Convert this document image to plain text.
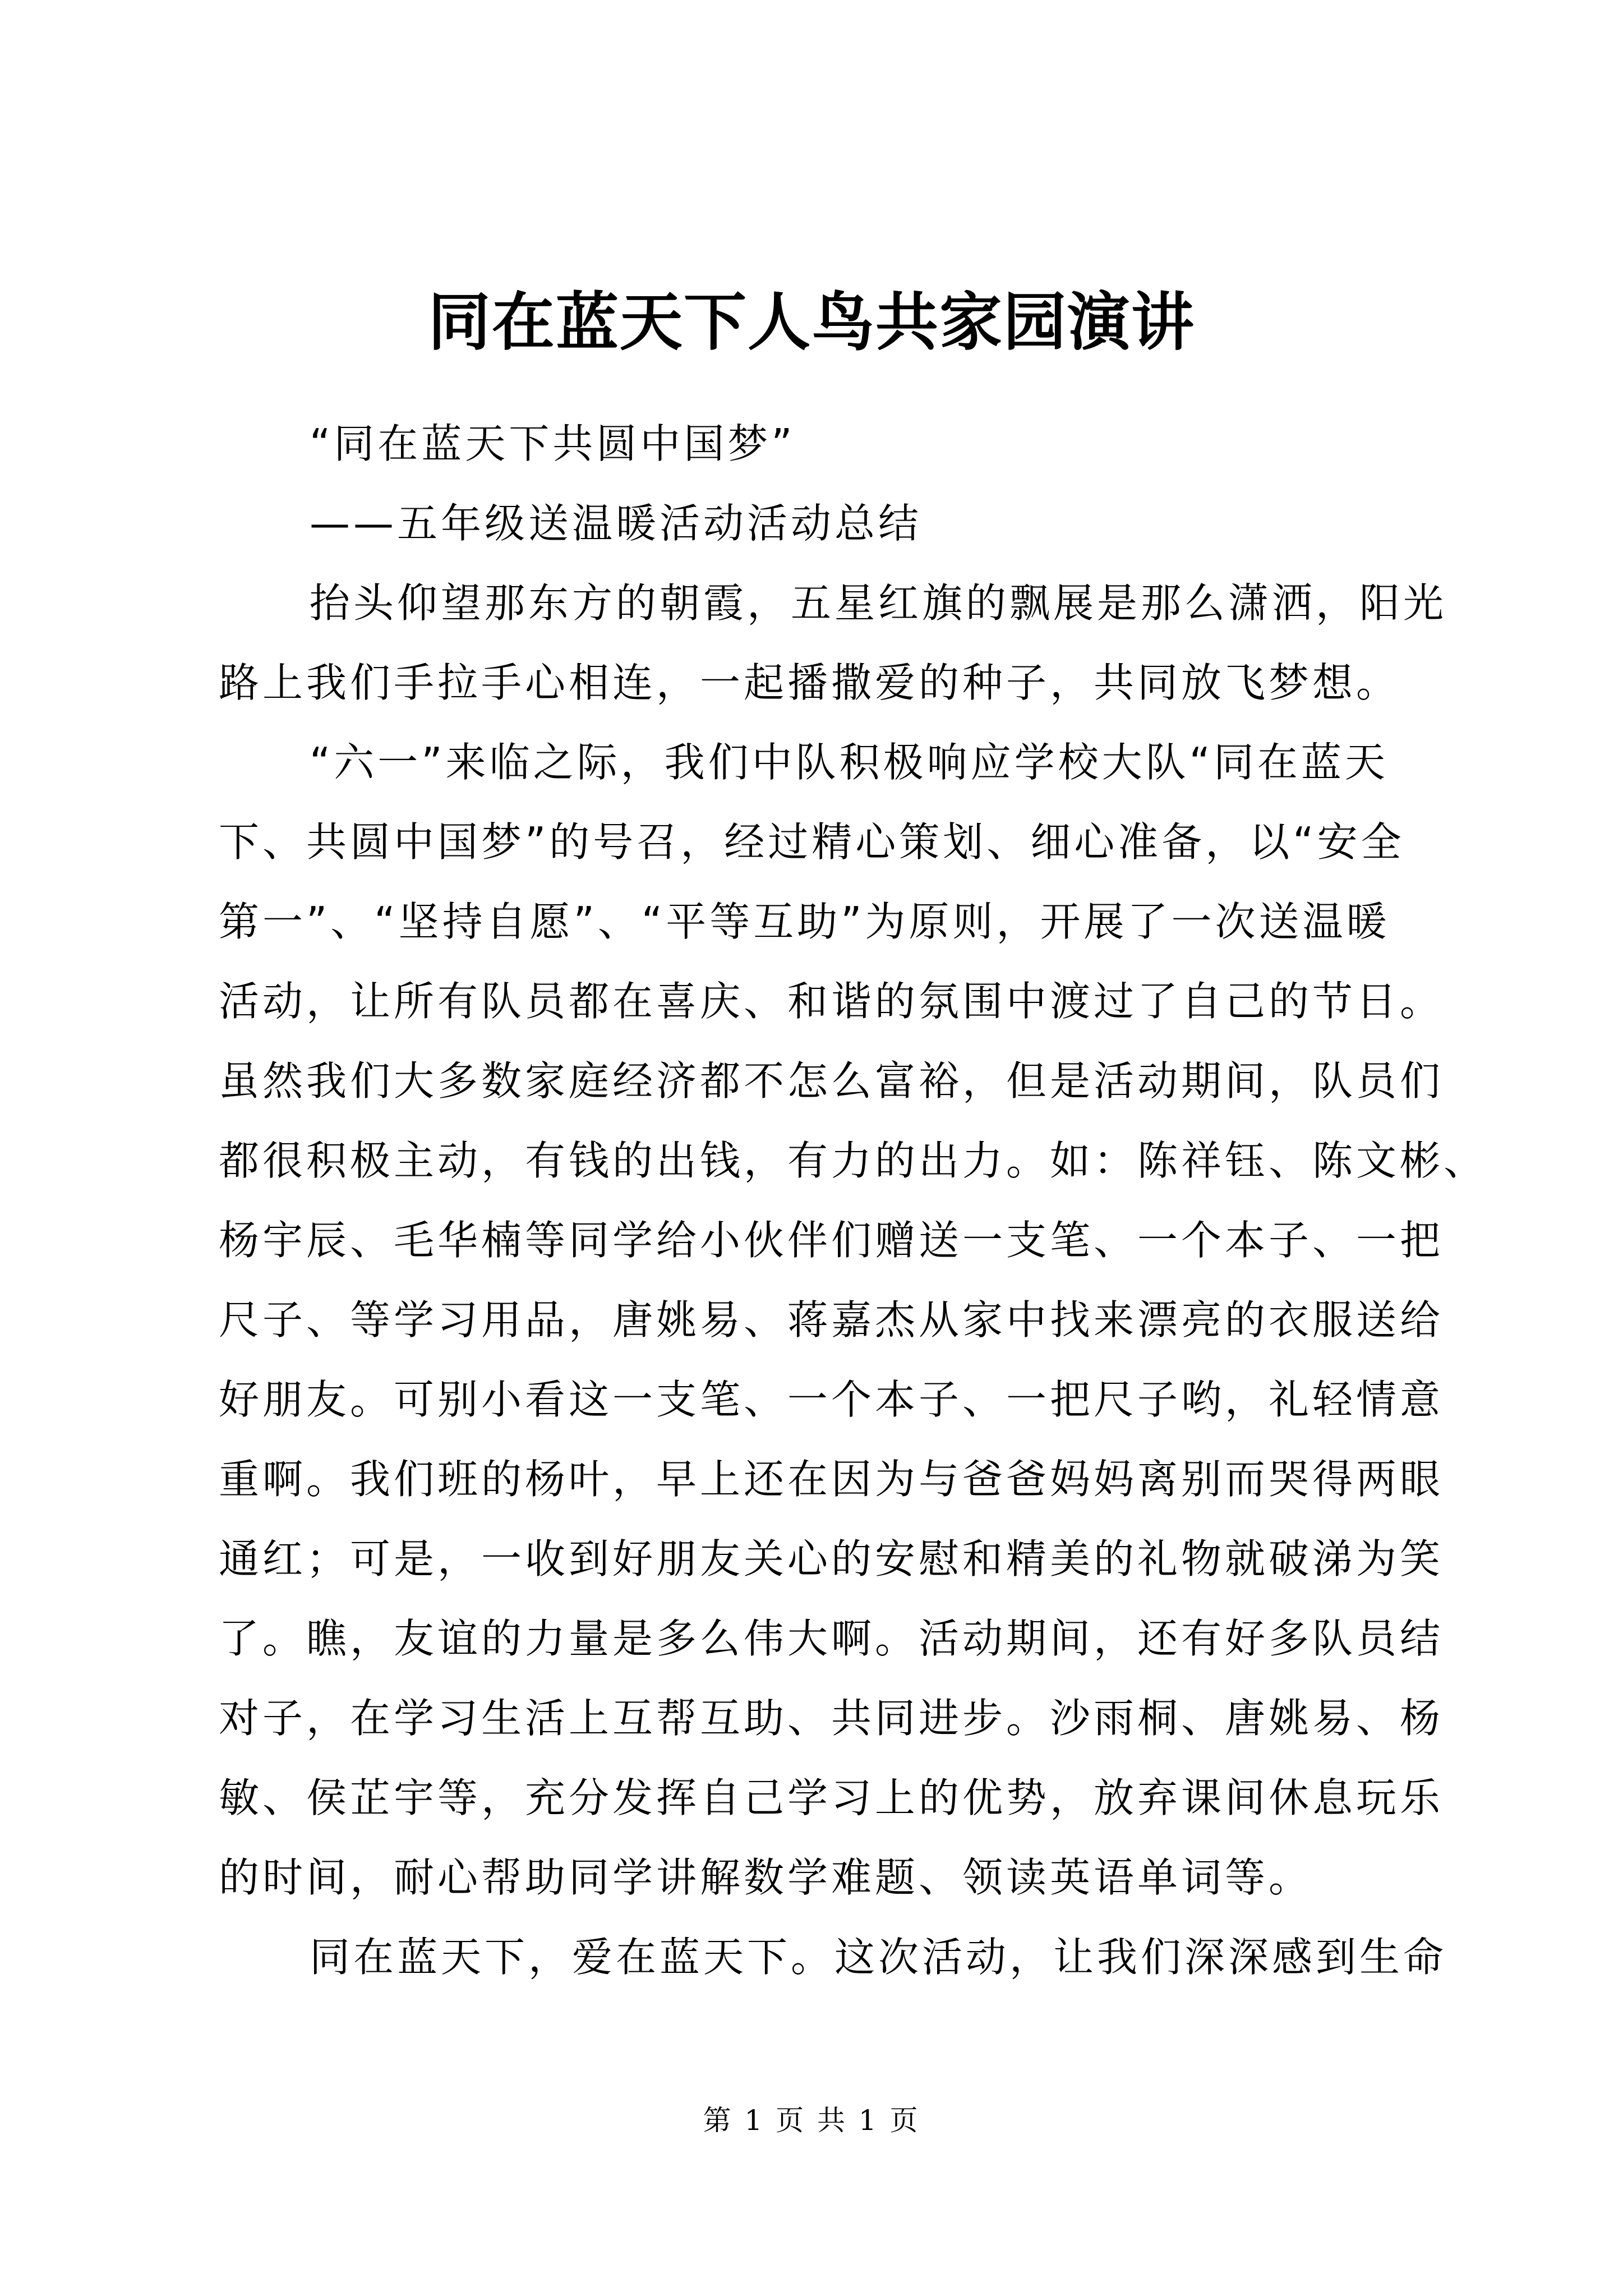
同在蓝天下人鸟共家园演讲
“同在蓝天下共圆中国梦”
——五年级送温暖活动活动总结
抬头仰望那东方的朝霞，五星红旗的飘展是那么潇洒，阳光
路上我们手拉手心相连，一起播撒爱的种子，共同放飞梦想。
“六一”来临之际，我们中队积极响应学校大队“同在蓝天
下、共圆中国梦”的号召，经过精心策划、细心准备，以“安全
第一”、“坚持自愿”、“平等互助”为原则，开展了一次送温暖
活动，让所有队员都在喜庆、和谐的氛围中渡过了自己的节日。
虽然我们大多数家庭经济都不怎么富裕，但是活动期间，队员们
都很积极主动，有钱的出钱，有力的出力。如：陈祥钰、陈文彬、
杨宇辰、毛华楠等同学给小伙伴们赠送一支笔、一个本子、一把
尺子、等学习用品，唐姚易、蒋嘉杰从家中找来漂亮的衣服送给
好朋友。可别小看这一支笔、一个本子、一把尺子哟，礼轻情意
重啊。我们班的杨叶，早上还在因为与爸爸妈妈离别而哭得两眼
通红；可是，一收到好朋友关心的安慰和精美的礼物就破涕为笑
了。瞧，友谊的力量是多么伟大啊。活动期间，还有好多队员结
对子，在学习生活上互帮互助、共同进步。沙雨桐、唐姚易、杨
敏、侯芷宇等，充分发挥自己学习上的优势，放弃课间休息玩乐
的时间，耐心帮助同学讲解数学难题、领读英语单词等。
同在蓝天下，爱在蓝天下。这次活动，让我们深深感到生命
第 1 页 共 1 页
